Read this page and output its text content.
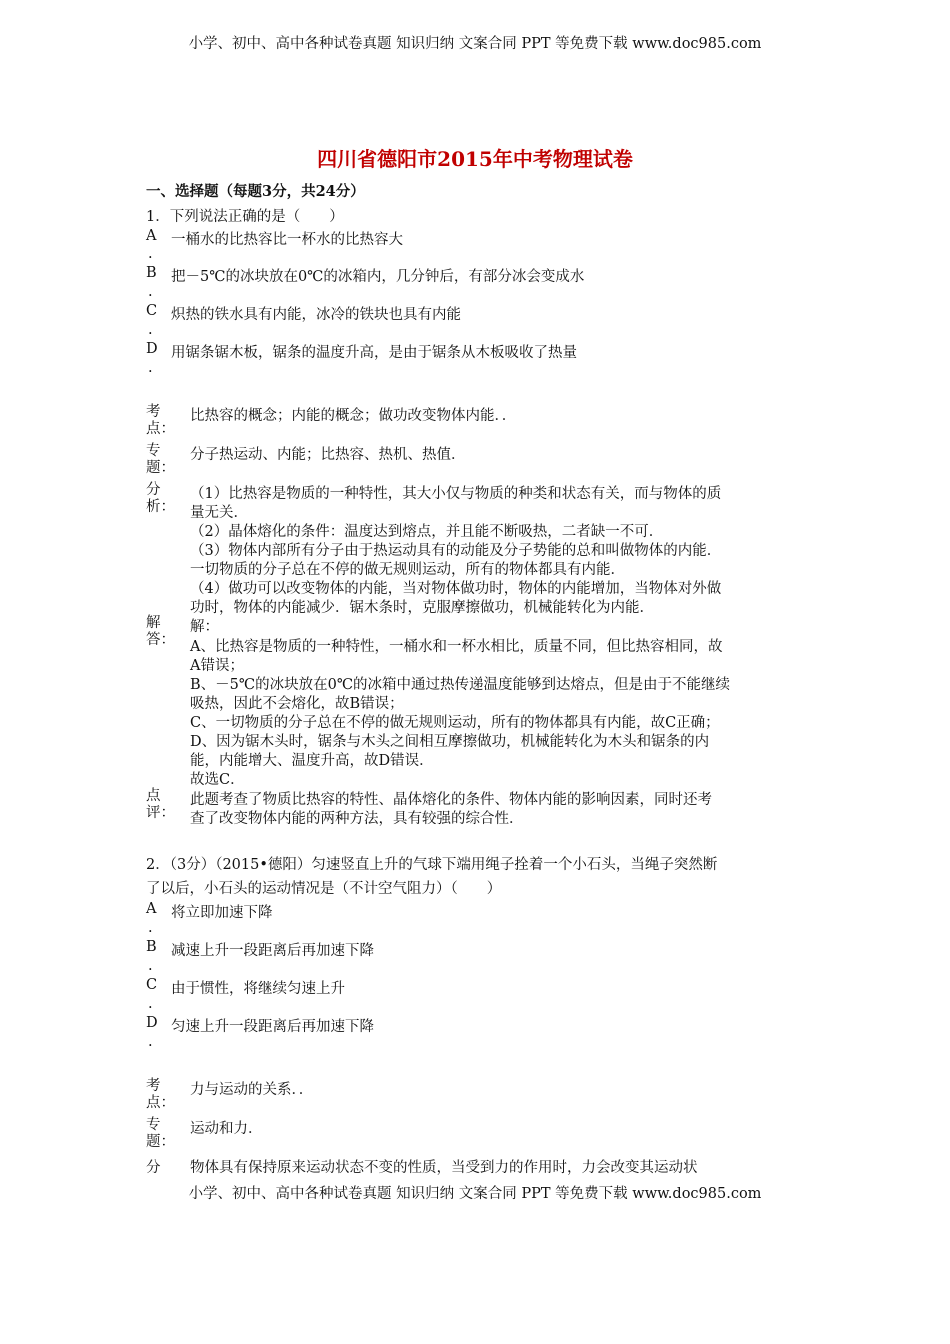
小学、初中、高中各种试卷真题 知识归纳 文案合同 PPT 等免费下载 www.doc985.com
四川省德阳市2015年中考物理试卷
一、选择题（每题3分，共24分）
1．下列说法正确的是（　　）
A
.
一桶水的比热容比一杯水的比热容大
B
.
把－5℃的冰块放在0℃的冰箱内，几分钟后，有部分冰会变成水
C
.
炽热的铁水具有内能，冰冷的铁块也具有内能
D
.
用锯条锯木板，锯条的温度升高，是由于锯条从木板吸收了热量
考点：
比热容的概念；内能的概念；做功改变物体内能．．
专题：
分子热运动、内能；比热容、热机、热值．
分析：
（1）比热容是物质的一种特性，其大小仅与物质的种类和状态有关，而与物体的质
量无关．
（2）晶体熔化的条件：温度达到熔点，并且能不断吸热，二者缺一不可．
（3）物体内部所有分子由于热运动具有的动能及分子势能的总和叫做物体的内能．
一切物质的分子总在不停的做无规则运动，所有的物体都具有内能．
（4）做功可以改变物体的内能，当对物体做功时，物体的内能增加，当物体对外做
功时，物体的内能减少．锯木条时，克服摩擦做功，机械能转化为内能．
解答：
解：
A、比热容是物质的一种特性，一桶水和一杯水相比，质量不同，但比热容相同，故
A错误；
B、－5℃的冰块放在0℃的冰箱中通过热传递温度能够到达熔点，但是由于不能继续
吸热，因此不会熔化，故B错误；
C、一切物质的分子总在不停的做无规则运动，所有的物体都具有内能，故C正确；
D、因为锯木头时，锯条与木头之间相互摩擦做功，机械能转化为木头和锯条的内
能，内能增大、温度升高，故D错误．
故选C．
点评：
此题考查了物质比热容的特性、晶体熔化的条件、物体内能的影响因素，同时还考
查了改变物体内能的两种方法，具有较强的综合性．
2．（3分）（2015•德阳）匀速竖直上升的气球下端用绳子拴着一个小石头，当绳子突然断
了以后，小石头的运动情况是（不计空气阻力）（　　）
A
.
将立即加速下降
B
.
减速上升一段距离后再加速下降
C
.
由于惯性，将继续匀速上升
D
.
匀速上升一段距离后再加速下降
考点：
力与运动的关系．．
专题：
运动和力．
分 物体具有保持原来运动状态不变的性质，当受到力的作用时，力会改变其运动状
小学、初中、高中各种试卷真题 知识归纳 文案合同 PPT 等免费下载 www.doc985.com
